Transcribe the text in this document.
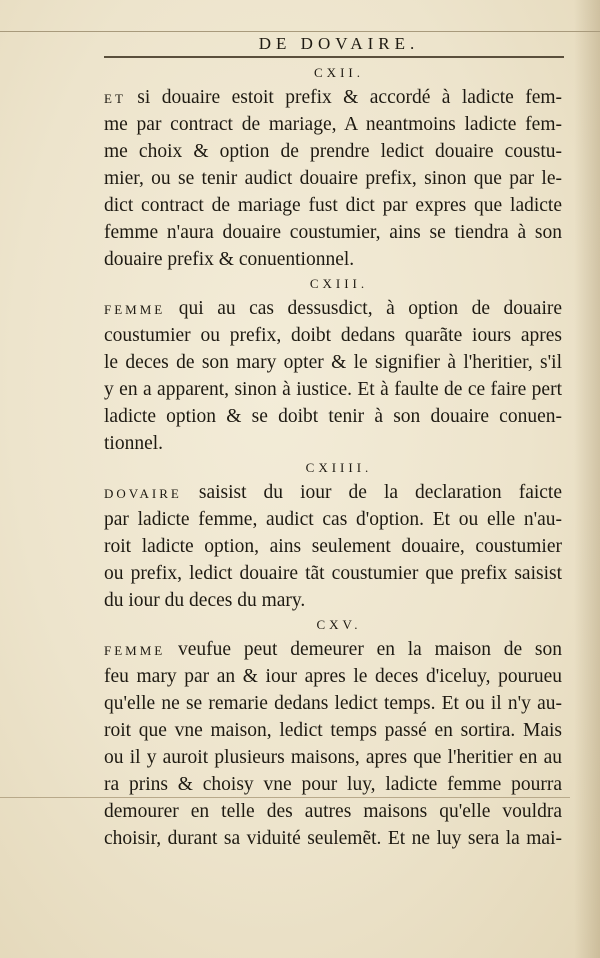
DE DOVAIRE.
CXII.
ET si douaire estoit prefix & accordé à ladicte fem-
me par contract de mariage, A neantmoins ladicte fem-
me choix & option de prendre ledict douaire coustu-
mier, ou se tenir audict douaire prefix, sinon que par le-
dict contract de mariage fust dict par expres que ladicte
femme n'aura douaire coustumier, ains se tiendra à son
douaire prefix & conuentionnel.
CXIII.
FEMME qui au cas dessusdict, à option de douaire
coustumier ou prefix, doibt dedans quarãte iours apres
le deces de son mary opter & le signifier à l'heritier, s'il
y en a apparent, sinon à iustice. Et à faulte de ce faire pert
ladicte option & se doibt tenir à son douaire conuen-
tionnel.
CXIIII.
DOVAIRE saisist du iour de la declaration faicte
par ladicte femme, audict cas d'option. Et ou elle n'au-
roit ladicte option, ains seulement douaire, coustumier
ou prefix, ledict douaire tãt coustumier que prefix saisist
du iour du deces du mary.
CXV.
FEMME veufue peut demeurer en la maison de son
feu mary par an & iour apres le deces d'iceluy, pourueu
qu'elle ne se remarie dedans ledict temps. Et ou il n'y au-
roit que vne maison, ledict temps passé en sortira. Mais
ou il y auroit plusieurs maisons, apres que l'heritier en au
ra prins & choisy vne pour luy, ladicte femme pourra
demourer en telle des autres maisons qu'elle vouldra
choisir, durant sa viduité seulemẽt. Et ne luy sera la mai-
